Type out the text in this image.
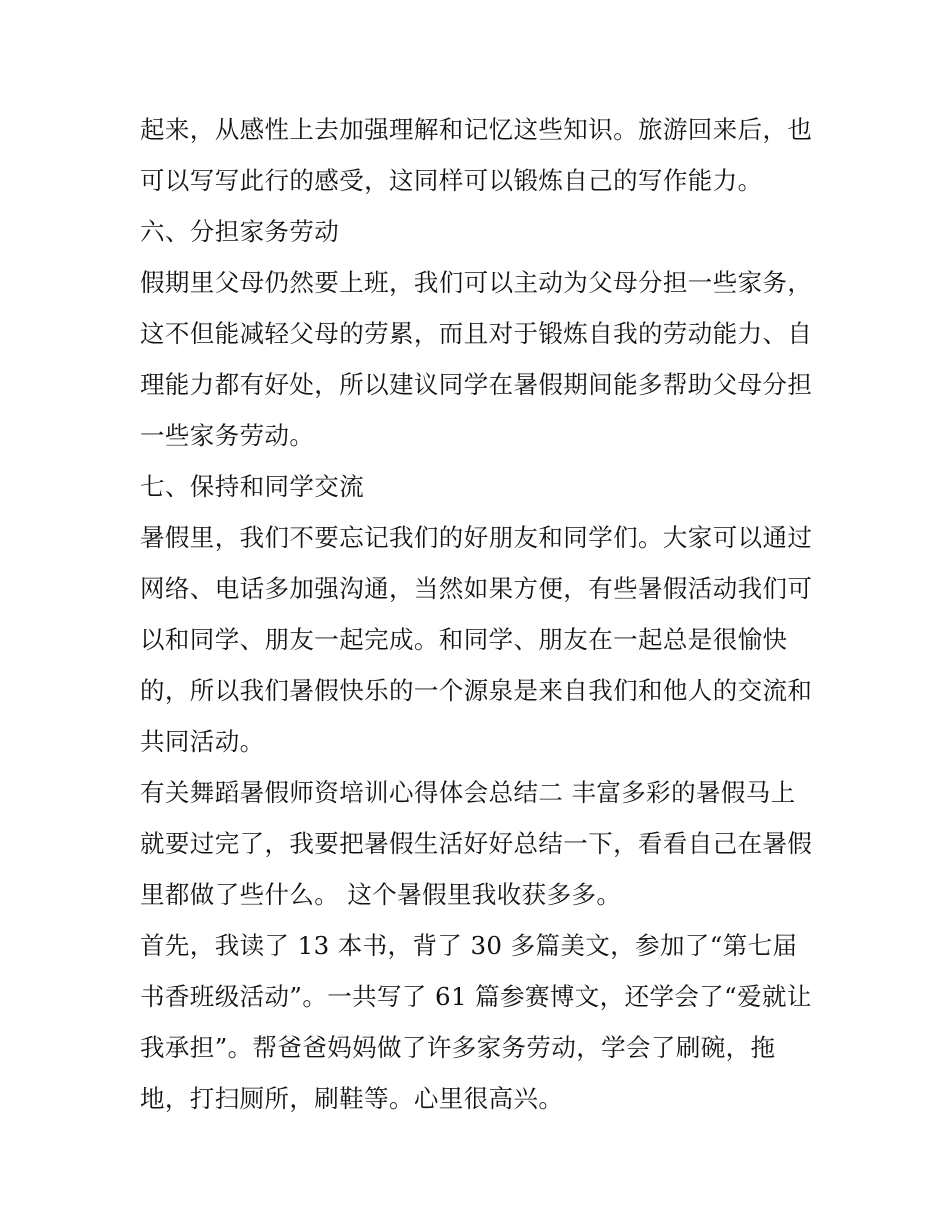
起来，从感性上去加强理解和记忆这些知识。旅游回来后，也可以写写此行的感受，这同样可以锻炼自己的写作能力。

六、分担家务劳动

假期里父母仍然要上班，我们可以主动为父母分担一些家务，这不但能减轻父母的劳累，而且对于锻炼自我的劳动能力、自理能力都有好处，所以建议同学在暑假期间能多帮助父母分担一些家务劳动。

七、保持和同学交流

暑假里，我们不要忘记我们的好朋友和同学们。大家可以通过网络、电话多加强沟通，当然如果方便，有些暑假活动我们可以和同学、朋友一起完成。和同学、朋友在一起总是很愉快的，所以我们暑假快乐的一个源泉是来自我们和他人的交流和共同活动。

有关舞蹈暑假师资培训心得体会总结二 丰富多彩的暑假马上就要过完了，我要把暑假生活好好总结一下，看看自己在暑假里都做了些什么。 这个暑假里我收获多多。

首先，我读了 13 本书，背了 30 多篇美文，参加了“第七届书香班级活动”。一共写了 61 篇参赛博文，还学会了“爱就让我承担”。帮爸爸妈妈做了许多家务劳动，学会了刷碗，拖地，打扫厕所，刷鞋等。心里很高兴。
